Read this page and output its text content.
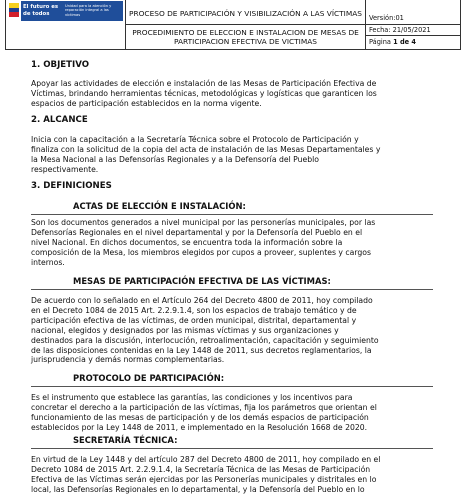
El futuro es de todos
Unidad para la atención y reparación integral a las víctimas	PROCESO DE PARTICIPACIÓN Y VISIBILIZACIÓN A LAS VÍCTIMAS
PROCEDIMIENTO DE ELECCION E INSTALACION DE MESAS DE PARTICIPACION EFECTIVA DE VICTIMAS
Versión:01
Fecha: 21/05/2021
Página 1 de 4
1. OBJETIVO
Apoyar las actividades de elección e instalación de las Mesas de Participación Efectiva de
Víctimas, brindando herramientas técnicas, metodológicas y logísticas que garanticen los
espacios de participación establecidos en la norma vigente.
2. ALCANCE
Inicia con la capacitación a la Secretaría Técnica sobre el Protocolo de Participación y
finaliza con la solicitud de la copia del acta de instalación de las Mesas Departamentales y
la Mesa Nacional a las Defensorías Regionales y a la Defensoría del Pueblo
respectivamente.
3. DEFINICIONES
ACTAS DE ELECCIÓN E INSTALACIÓN:
Son los documentos generados a nivel municipal por las personerías municipales, por las
Defensorías Regionales en el nivel departamental y por la Defensoría del Pueblo en el
nivel Nacional. En dichos documentos, se encuentra toda la información sobre la
composición de la Mesa, los miembros elegidos por cupos a proveer, suplentes y cargos
internos.
MESAS DE PARTICIPACIÓN EFECTIVA DE LAS VÍCTIMAS:
De acuerdo con lo señalado en el Artículo 264 del Decreto 4800 de 2011, hoy compilado
en el Decreto 1084 de 2015 Art. 2.2.9.1.4, son los espacios de trabajo temático y de
participación efectiva de las víctimas, de orden municipal, distrital, departamental y
nacional, elegidos y designados por las mismas víctimas y sus organizaciones y
destinados para la discusión, interlocución, retroalimentación, capacitación y seguimiento
de las disposiciones contenidas en la Ley 1448 de 2011, sus decretos reglamentarios, la
jurisprudencia y demás normas complementarias.
PROTOCOLO DE PARTICIPACIÓN:
Es el instrumento que establece las garantías, las condiciones y los incentivos para
concretar el derecho a la participación de las víctimas, fija los parámetros que orientan el
funcionamiento de las mesas de participación y de los demás espacios de participación
establecidos por la Ley 1448 de 2011, e implementado en la Resolución 1668 de 2020.
SECRETARÍA TÉCNICA:
En virtud de la Ley 1448 y del artículo 287 del Decreto 4800 de 2011, hoy compilado en el
Decreto 1084 de 2015 Art. 2.2.9.1.4, la Secretaría Técnica de las Mesas de Participación
Efectiva de las Víctimas serán ejercidas por las Personerías municipales y distritales en lo
local, las Defensorías Regionales en lo departamental, y la Defensoría del Pueblo en lo
